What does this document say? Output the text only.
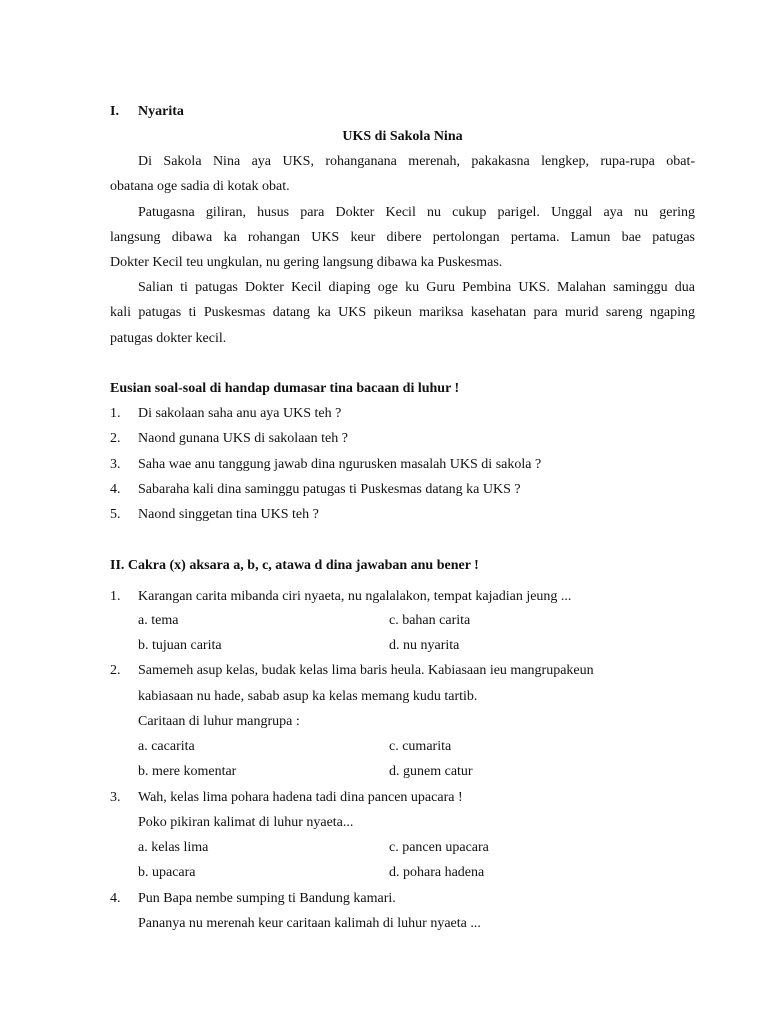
I. Nyarita
UKS di Sakola Nina
Di Sakola Nina aya UKS, rohanganana merenah, pakakasna lengkep, rupa-rupa obat-
obatana oge sadia di kotak obat.
Patugasna giliran, husus para Dokter Kecil nu cukup parigel. Unggal aya nu gering
langsung dibawa ka rohangan UKS keur dibere pertolongan pertama. Lamun bae patugas
Dokter Kecil teu ungkulan, nu gering langsung dibawa ka Puskesmas.
Salian ti patugas Dokter Kecil diaping oge ku Guru Pembina UKS. Malahan saminggu dua
kali patugas ti Puskesmas datang ka UKS pikeun mariksa kasehatan para murid sareng ngaping
patugas dokter kecil.
Eusian soal-soal di handap dumasar tina bacaan di luhur !
1. Di sakolaan saha anu aya UKS teh ?
2. Naond gunana UKS di sakolaan teh ?
3. Saha wae anu tanggung jawab dina ngurusken masalah UKS di sakola ?
4. Sabaraha kali dina saminggu patugas ti Puskesmas datang ka UKS ?
5. Naond singgetan tina UKS teh ?
II. Cakra (x) aksara a, b, c, atawa d dina jawaban anu bener !
1. Karangan carita mibanda ciri nyaeta, nu ngalalakon, tempat kajadian jeung ...
a. tema	c. bahan carita
b. tujuan carita	d. nu nyarita
2. Samemeh asup kelas, budak kelas lima baris heula. Kabiasaan ieu mangrupakeun
kabiasaan nu hade, sabab asup ka kelas memang kudu tartib.
Caritaan di luhur mangrupa :
a. cacarita	c. cumarita
b. mere komentar	d. gunem catur
3. Wah, kelas lima pohara hadena tadi dina pancen upacara !
Poko pikiran kalimat di luhur nyaeta...
a. kelas lima	c. pancen upacara
b. upacara	d. pohara hadena
4. Pun Bapa nembe sumping ti Bandung kamari.
Pananya nu merenah keur caritaan kalimah di luhur nyaeta ...
